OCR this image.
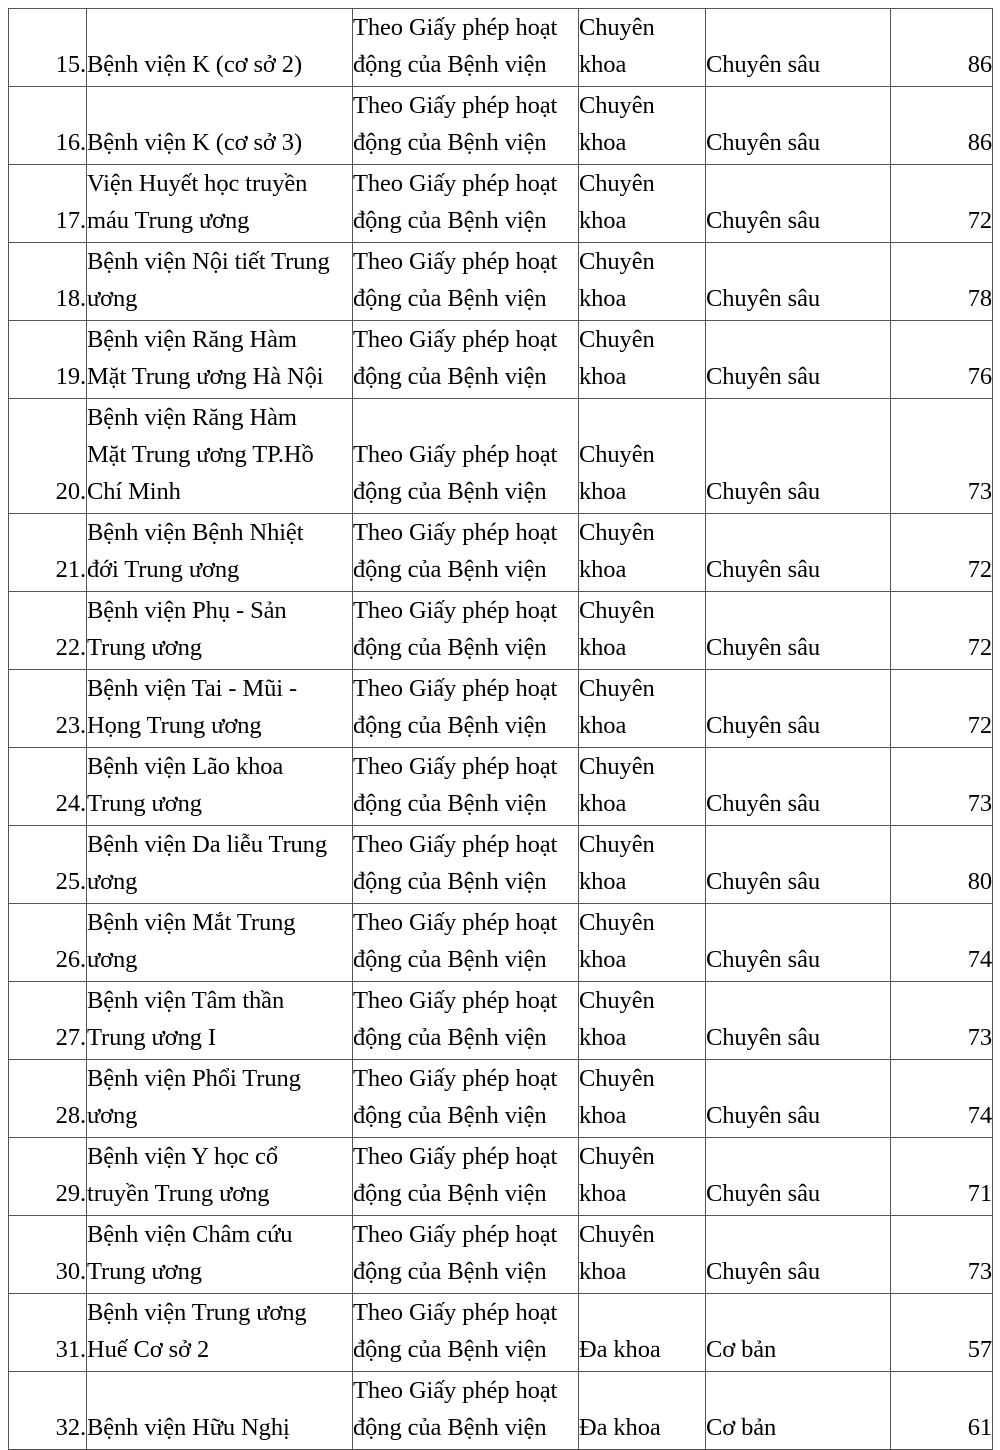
15.	Bệnh viện K (cơ sở 2)	Theo Giấy phép hoạt
động của Bệnh viện	Chuyên
khoa	Chuyên sâu	86

16.	Bệnh viện K (cơ sở 3)	Theo Giấy phép hoạt
động của Bệnh viện	Chuyên
khoa	Chuyên sâu	86

17.	Viện Huyết học truyền
máu Trung ương	Theo Giấy phép hoạt
động của Bệnh viện	Chuyên
khoa	Chuyên sâu	72

18.	Bệnh viện Nội tiết Trung
ương	Theo Giấy phép hoạt
động của Bệnh viện	Chuyên
khoa	Chuyên sâu	78

19.	Bệnh viện Răng Hàm
Mặt Trung ương Hà Nội	Theo Giấy phép hoạt
động của Bệnh viện	Chuyên
khoa	Chuyên sâu	76

20.	Bệnh viện Răng Hàm
Mặt Trung ương TP.Hồ
Chí Minh	Theo Giấy phép hoạt
động của Bệnh viện	Chuyên
khoa	Chuyên sâu	73

21.	Bệnh viện Bệnh Nhiệt
đới Trung ương	Theo Giấy phép hoạt
động của Bệnh viện	Chuyên
khoa	Chuyên sâu	72

22.	Bệnh viện Phụ - Sản
Trung ương	Theo Giấy phép hoạt
động của Bệnh viện	Chuyên
khoa	Chuyên sâu	72

23.	Bệnh viện Tai - Mũi -
Họng Trung ương	Theo Giấy phép hoạt
động của Bệnh viện	Chuyên
khoa	Chuyên sâu	72

24.	Bệnh viện Lão khoa
Trung ương	Theo Giấy phép hoạt
động của Bệnh viện	Chuyên
khoa	Chuyên sâu	73

25.	Bệnh viện Da liễu Trung
ương	Theo Giấy phép hoạt
động của Bệnh viện	Chuyên
khoa	Chuyên sâu	80

26.	Bệnh viện Mắt Trung
ương	Theo Giấy phép hoạt
động của Bệnh viện	Chuyên
khoa	Chuyên sâu	74

27.	Bệnh viện Tâm thần
Trung ương I	Theo Giấy phép hoạt
động của Bệnh viện	Chuyên
khoa	Chuyên sâu	73

28.	Bệnh viện Phổi Trung
ương	Theo Giấy phép hoạt
động của Bệnh viện	Chuyên
khoa	Chuyên sâu	74

29.	Bệnh viện Y học cổ
truyền Trung ương	Theo Giấy phép hoạt
động của Bệnh viện	Chuyên
khoa	Chuyên sâu	71

30.	Bệnh viện Châm cứu
Trung ương	Theo Giấy phép hoạt
động của Bệnh viện	Chuyên
khoa	Chuyên sâu	73

31.	Bệnh viện Trung ương
Huế Cơ sở 2	Theo Giấy phép hoạt
động của Bệnh viện	Đa khoa	Cơ bản	57

32.	Bệnh viện Hữu Nghị	Theo Giấy phép hoạt
động của Bệnh viện	Đa khoa	Cơ bản	61
